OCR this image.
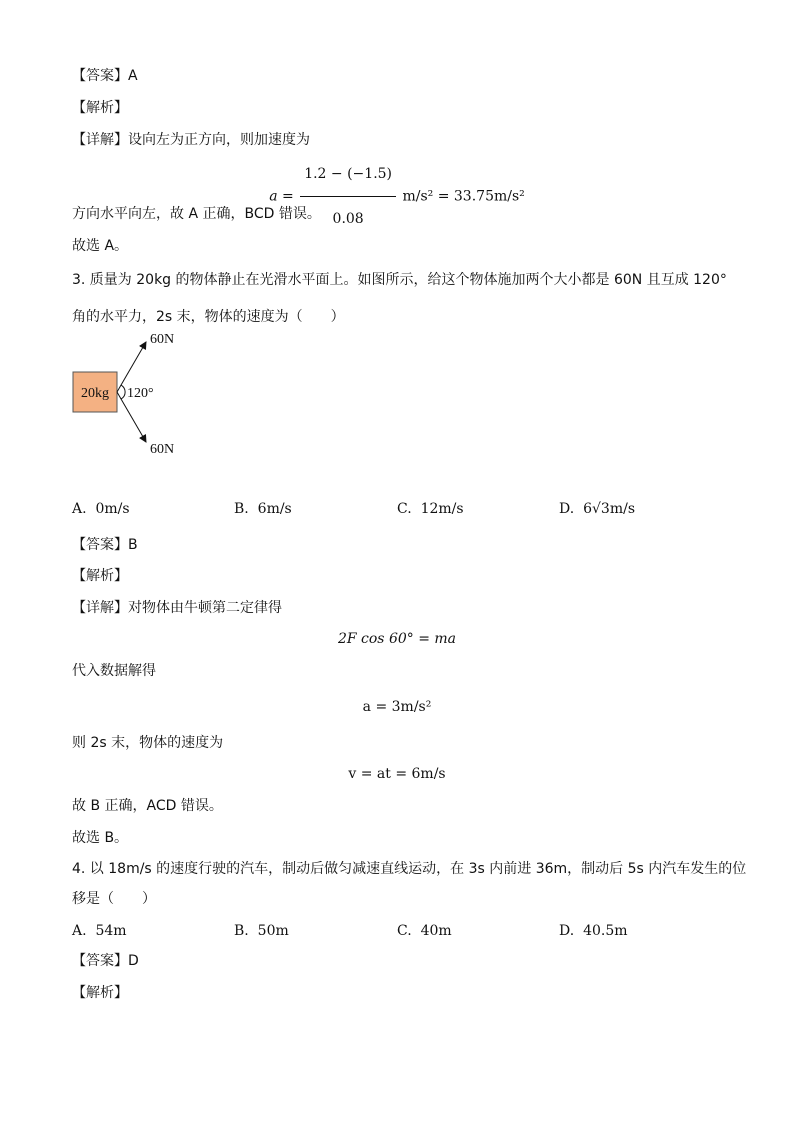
【答案】A
【解析】
【详解】设向左为正方向，则加速度为
$a = \frac{1.2 - (-1.5)}{0.08} m/s^2 = 33.75m/s^2$
方向水平向左，故 A 正确，BCD 错误。
故选 A。
3. 质量为 20kg 的物体静止在光滑水平面上。如图所示，给这个物体施加两个大小都是 60N 且互成 120°
角的水平力，2s 末，物体的速度为（　　）
20kg
60N
60N
120°
A. 0m/s	B. 6m/s	C. 12m/s	D. 6√3m/s
【答案】B
【解析】
【详解】对物体由牛顿第二定律得
2F cos 60° = ma
代入数据解得
a = 3m/s²
则 2s 末，物体的速度为
v = at = 6m/s
故 B 正确，ACD 错误。
故选 B。
4. 以 18m/s 的速度行驶的汽车，制动后做匀减速直线运动，在 3s 内前进 36m，制动后 5s 内汽车发生的位
移是（　　）
A. 54m	B. 50m	C. 40m	D. 40.5m
【答案】D
【解析】
